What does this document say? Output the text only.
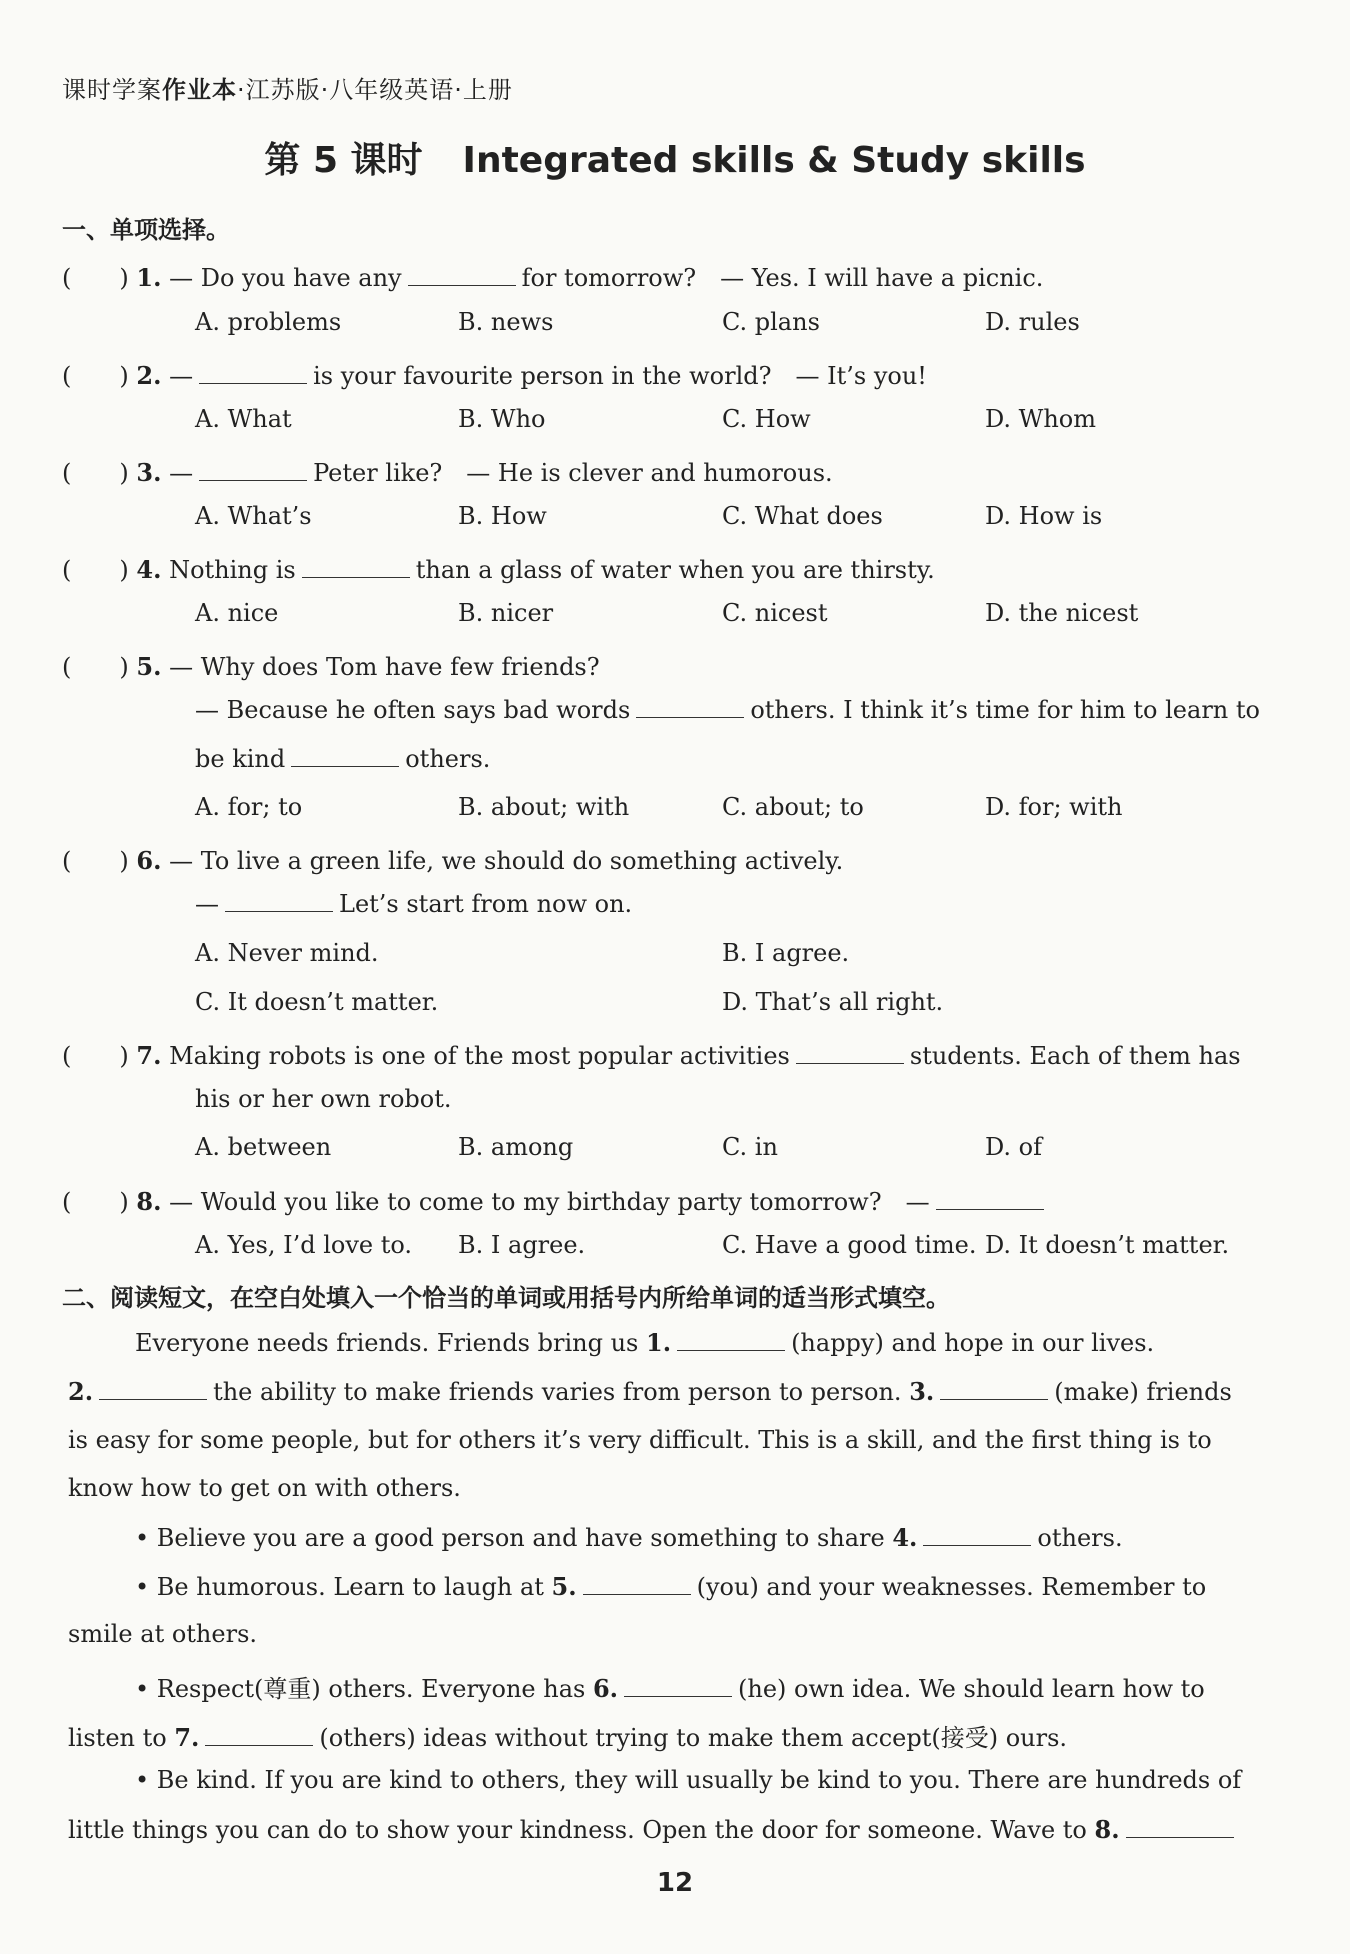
课时学案作业本·江苏版·八年级英语·上册
第 5 课时 Integrated skills & Study skills
一、单项选择。
(　　) 1. — Do you have any	for tomorrow?　— Yes. I will have a picnic.
A. problems	B. news	C. plans	D. rules
(　　) 2. —	is your favourite person in the world?　— It’s you!
A. What	B. Who	C. How	D. Whom
(　　) 3. —	Peter like?　— He is clever and humorous.
A. What’s	B. How	C. What does	D. How is
(　　) 4. Nothing is	than a glass of water when you are thirsty.
A. nice	B. nicer	C. nicest	D. the nicest
(　　) 5. — Why does Tom have few friends?
— Because he often says bad words	others. I think it’s time for him to learn to
be kind	others.
A. for; to	B. about; with	C. about; to	D. for; with
(　　) 6. — To live a green life, we should do something actively.
—	Let’s start from now on.
A. Never mind.	B. I agree.
C. It doesn’t matter.	D. That’s all right.
(　　) 7. Making robots is one of the most popular activities	students. Each of them has
his or her own robot.
A. between	B. among	C. in	D. of
(　　) 8. — Would you like to come to my birthday party tomorrow?　—
A. Yes, I’d love to. B. I agree.	C. Have a good time. D. It doesn’t matter.
二、阅读短文，在空白处填入一个恰当的单词或用括号内所给单词的适当形式填空。
Everyone needs friends. Friends bring us 1.	(happy) and hope in our lives.
2.	the ability to make friends varies from person to person. 3.	(make) friends
is easy for some people, but for others it’s very difficult. This is a skill, and the first thing is to
know how to get on with others.
• Believe you are a good person and have something to share 4.	others.
• Be humorous. Learn to laugh at 5.	(you) and your weaknesses. Remember to
smile at others.
• Respect(尊重) others. Everyone has 6.	(he) own idea. We should learn how to
listen to 7.	(others) ideas without trying to make them accept(接受) ours.
• Be kind. If you are kind to others, they will usually be kind to you. There are hundreds of
little things you can do to show your kindness. Open the door for someone. Wave to 8.
12
